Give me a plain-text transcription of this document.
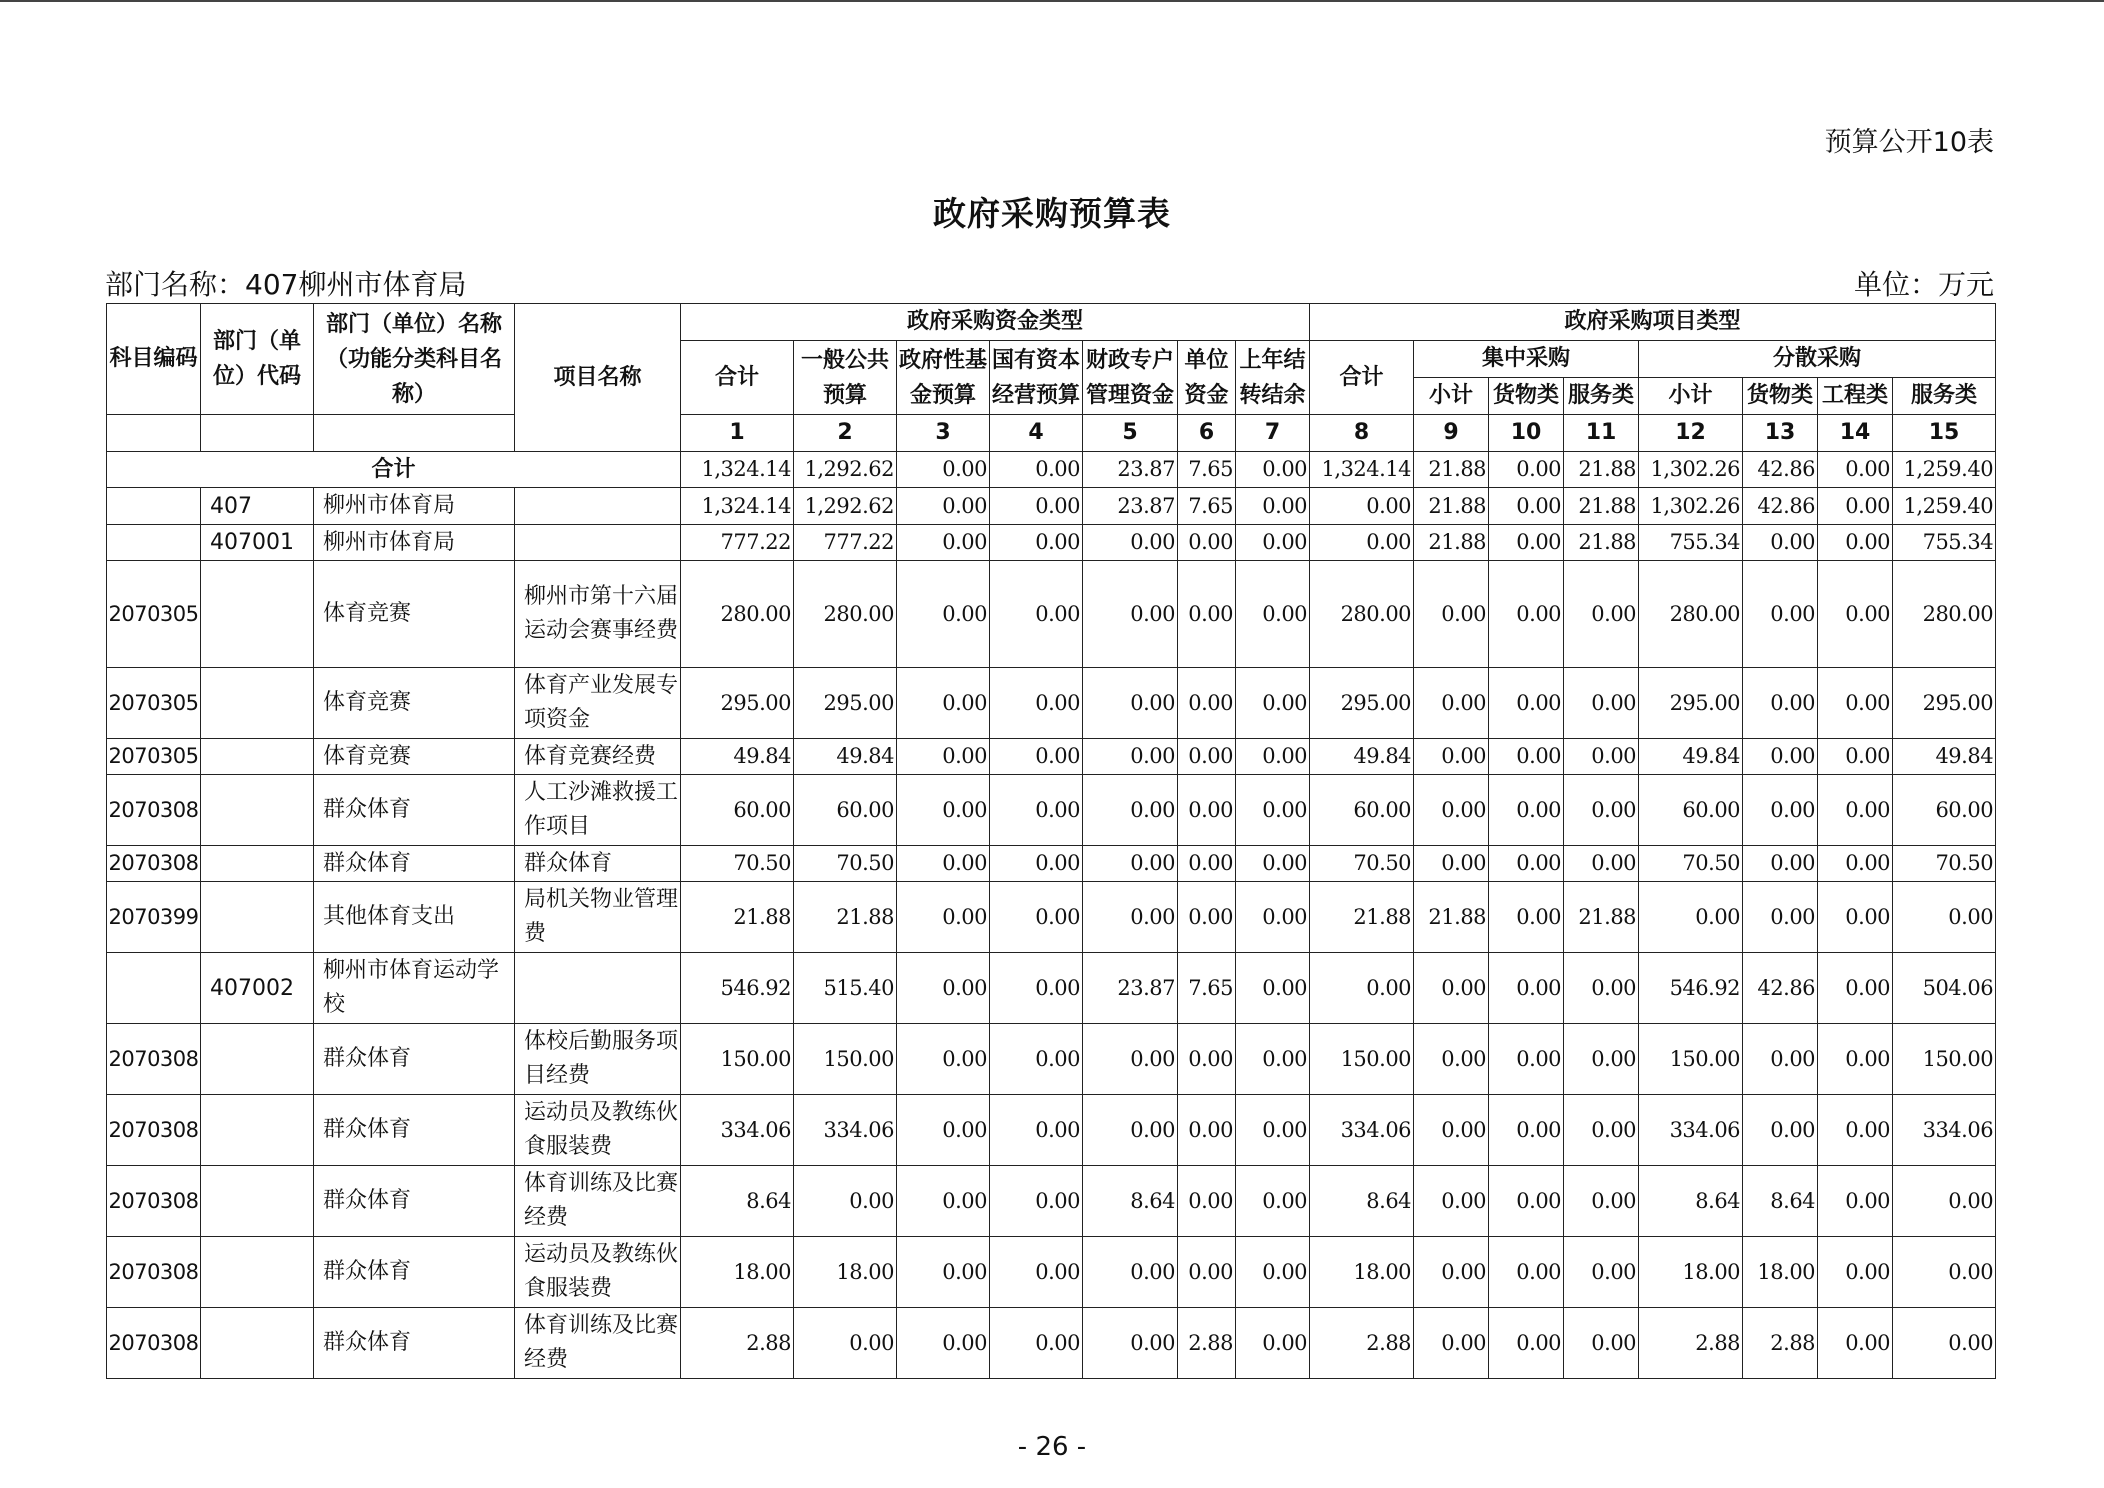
预算公开10表
政府采购预算表
部门名称：407柳州市体育局	单位：万元
科目编码	部门（单位）代码	部门（单位）名称（功能分类科目名称）	项目名称	政府采购资金类型							政府采购项目类型							
				合计	一般公共预算	政府性基金预算	国有资本经营预算	财政专户管理资金	单位资金	上年结转结余	合计	集中采购			分散采购			
												小计	货物类	服务类	小计	货物类	工程类	服务类
				1	2	3	4	5	6	7	8	9	10	11	12	13	14	15
合计				1,324.14	1,292.62	0.00	0.00	23.87	7.65	0.00	1,324.14	21.88	0.00	21.88	1,302.26	42.86	0.00	1,259.40
	407	柳州市体育局		1,324.14	1,292.62	0.00	0.00	23.87	7.65	0.00	0.00	21.88	0.00	21.88	1,302.26	42.86	0.00	1,259.40
	407001	柳州市体育局		777.22	777.22	0.00	0.00	0.00	0.00	0.00	0.00	21.88	0.00	21.88	755.34	0.00	0.00	755.34
2070305		体育竞赛	柳州市第十六届运动会赛事经费	280.00	280.00	0.00	0.00	0.00	0.00	0.00	280.00	0.00	0.00	0.00	280.00	0.00	0.00	280.00
2070305		体育竞赛	体育产业发展专项资金	295.00	295.00	0.00	0.00	0.00	0.00	0.00	295.00	0.00	0.00	0.00	295.00	0.00	0.00	295.00
2070305		体育竞赛	体育竞赛经费	49.84	49.84	0.00	0.00	0.00	0.00	0.00	49.84	0.00	0.00	0.00	49.84	0.00	0.00	49.84
2070308		群众体育	人工沙滩救援工作项目	60.00	60.00	0.00	0.00	0.00	0.00	0.00	60.00	0.00	0.00	0.00	60.00	0.00	0.00	60.00
2070308		群众体育	群众体育	70.50	70.50	0.00	0.00	0.00	0.00	0.00	70.50	0.00	0.00	0.00	70.50	0.00	0.00	70.50
2070399		其他体育支出	局机关物业管理费	21.88	21.88	0.00	0.00	0.00	0.00	0.00	21.88	21.88	0.00	21.88	0.00	0.00	0.00	0.00
	407002	柳州市体育运动学校		546.92	515.40	0.00	0.00	23.87	7.65	0.00	0.00	0.00	0.00	0.00	546.92	42.86	0.00	504.06
2070308		群众体育	体校后勤服务项目经费	150.00	150.00	0.00	0.00	0.00	0.00	0.00	150.00	0.00	0.00	0.00	150.00	0.00	0.00	150.00
2070308		群众体育	运动员及教练伙食服装费	334.06	334.06	0.00	0.00	0.00	0.00	0.00	334.06	0.00	0.00	0.00	334.06	0.00	0.00	334.06
2070308		群众体育	体育训练及比赛经费	8.64	0.00	0.00	0.00	8.64	0.00	0.00	8.64	0.00	0.00	0.00	8.64	8.64	0.00	0.00
2070308		群众体育	运动员及教练伙食服装费	18.00	18.00	0.00	0.00	0.00	0.00	0.00	18.00	0.00	0.00	0.00	18.00	18.00	0.00	0.00
2070308		群众体育	体育训练及比赛经费	2.88	0.00	0.00	0.00	0.00	2.88	0.00	2.88	0.00	0.00	0.00	2.88	2.88	0.00	0.00
- 26 -
